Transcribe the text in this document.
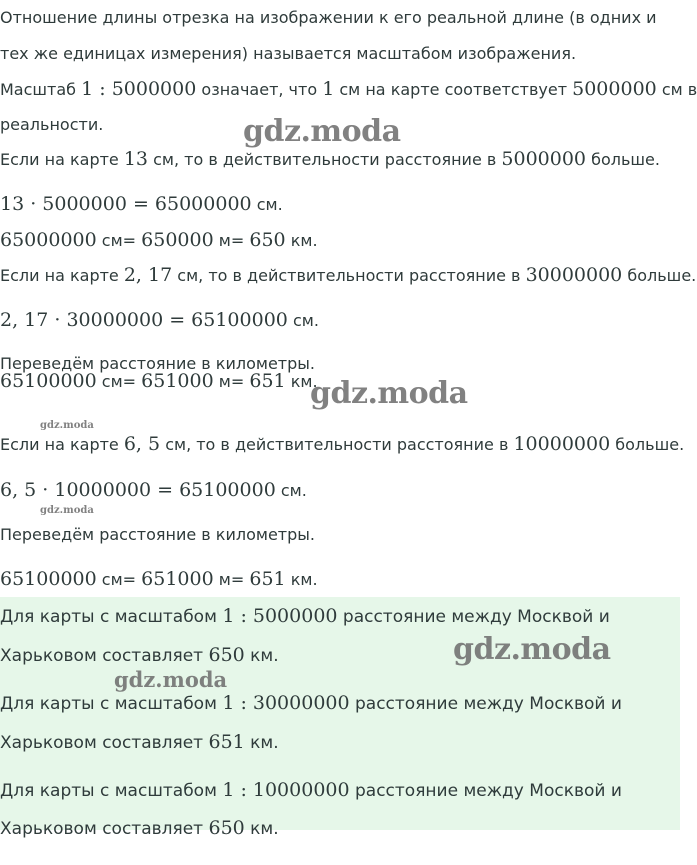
Отношение длины отрезка на изображении к его реальной длине (в одних и
тех же единицах измерения) называется масштабом изображения.
Масштаб 1 : 5000000 означает, что 1 см на карте соответствует 5000000 см в
реальности.
Если на карте 13 см, то в действительности расстояние в 5000000 больше.
13 · 5000000 = 65000000 см.
65000000 см= 650000 м= 650 км.
Если на карте 2, 17 см, то в действительности расстояние в 30000000 больше.
2, 17 · 30000000 = 65100000 см.
Переведём расстояние в километры.
65100000 см= 651000 м= 651 км.
Если на карте 6, 5 см, то в действительности расстояние в 10000000 больше.
6, 5 · 10000000 = 65100000 см.
Переведём расстояние в километры.
65100000 см= 651000 м= 651 км.
Для карты с масштабом 1 : 5000000 расстояние между Москвой и
Харьковом составляет 650 км.
Для карты с масштабом 1 : 30000000 расстояние между Москвой и
Харьковом составляет 651 км.
Для карты с масштабом 1 : 10000000 расстояние между Москвой и
Харьковом составляет 650 км.
gdz.moda
gdz.moda
gdz.moda
gdz.moda
gdz.moda
gdz.moda
